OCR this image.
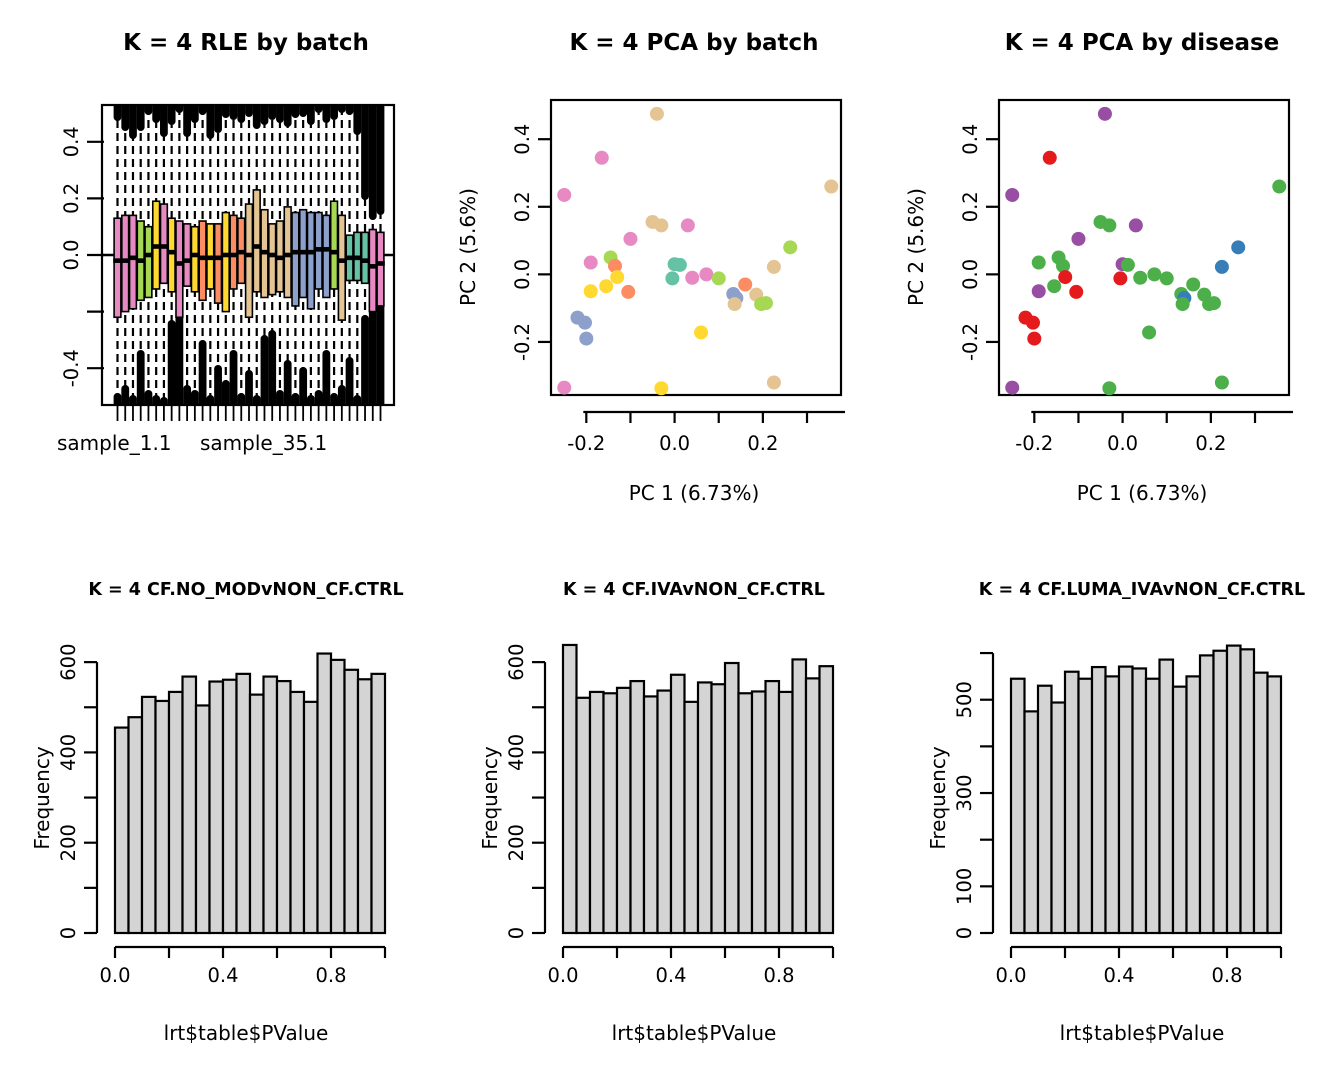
K = 4 RLE by batch
0.4
0.2
0.0
-0.4
sample_1.1 sample_35.1
K = 4 PCA by batch
-0.2	0.0	0.2
0.4
0.2
0.0
-0.2
PC 2 (5.6%)
PC 1 (6.73%)
K = 4 PCA by disease
-0.2	0.0	0.2
0.4
0.2
0.0
-0.2
PC 2 (5.6%)
PC 1 (6.73%)
K = 4 CF.NO_MODvNON_CF.CTRL
0
200
400
600
0.0	0.4	0.8
Frequency
lrt$table$PValue
K = 4 CF.IVAvNON_CF.CTRL
0
200
400
600
0.0	0.4	0.8
Frequency
lrt$table$PValue
K = 4 CF.LUMA_IVAvNON_CF.CTRL
0
100
300
500
0.0	0.4	0.8
Frequency
lrt$table$PValue
